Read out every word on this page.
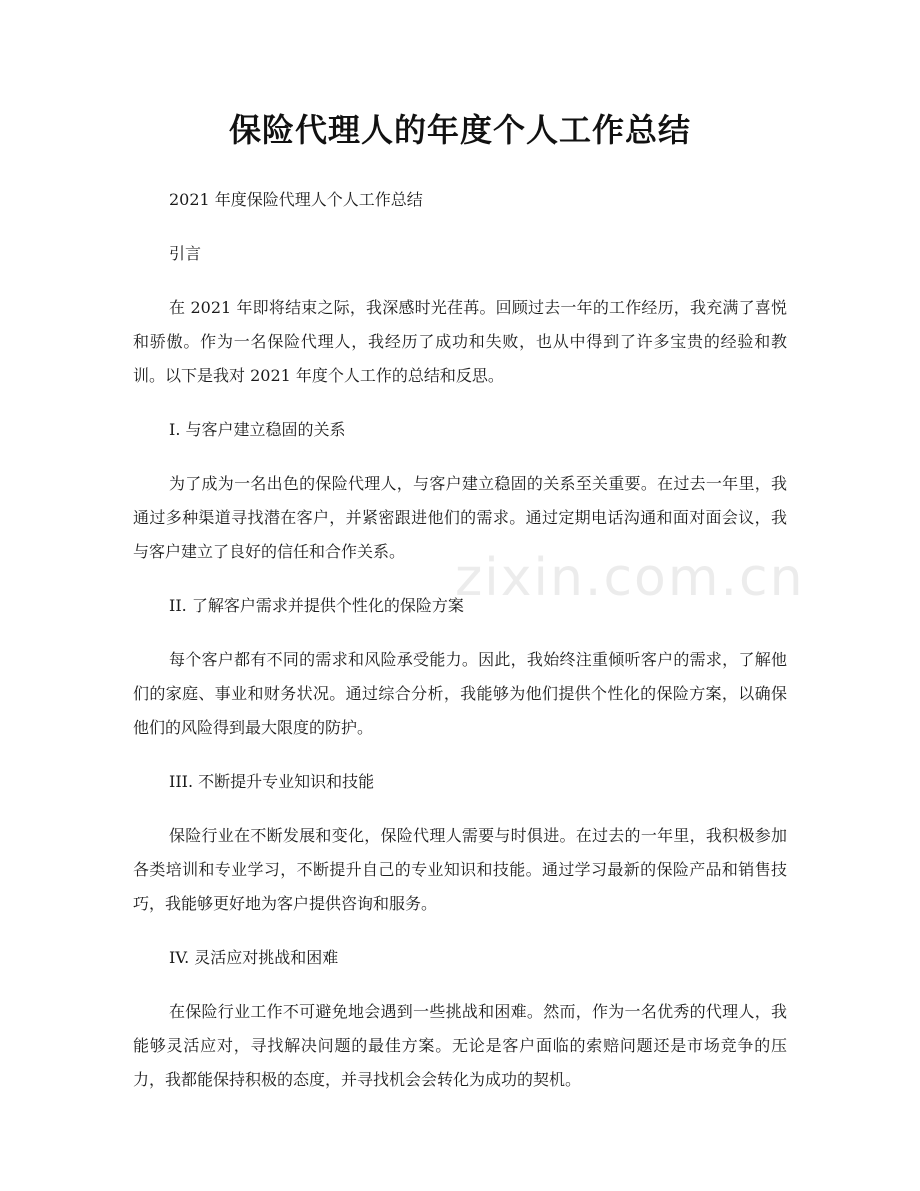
保险代理人的年度个人工作总结

2021 年度保险代理人个人工作总结

引言

在 2021 年即将结束之际，我深感时光荏苒。回顾过去一年的工作经历，我充满了喜悦和骄傲。作为一名保险代理人，我经历了成功和失败，也从中得到了许多宝贵的经验和教训。以下是我对 2021 年度个人工作的总结和反思。

I. 与客户建立稳固的关系

为了成为一名出色的保险代理人，与客户建立稳固的关系至关重要。在过去一年里，我通过多种渠道寻找潜在客户，并紧密跟进他们的需求。通过定期电话沟通和面对面会议，我与客户建立了良好的信任和合作关系。

II. 了解客户需求并提供个性化的保险方案

每个客户都有不同的需求和风险承受能力。因此，我始终注重倾听客户的需求，了解他们的家庭、事业和财务状况。通过综合分析，我能够为他们提供个性化的保险方案，以确保他们的风险得到最大限度的防护。

III. 不断提升专业知识和技能

保险行业在不断发展和变化，保险代理人需要与时俱进。在过去的一年里，我积极参加各类培训和专业学习，不断提升自己的专业知识和技能。通过学习最新的保险产品和销售技巧，我能够更好地为客户提供咨询和服务。

IV. 灵活应对挑战和困难

在保险行业工作不可避免地会遇到一些挑战和困难。然而，作为一名优秀的代理人，我能够灵活应对，寻找解决问题的最佳方案。无论是客户面临的索赔问题还是市场竞争的压力，我都能保持积极的态度，并寻找机会会转化为成功的契机。

zixin.com.cn
